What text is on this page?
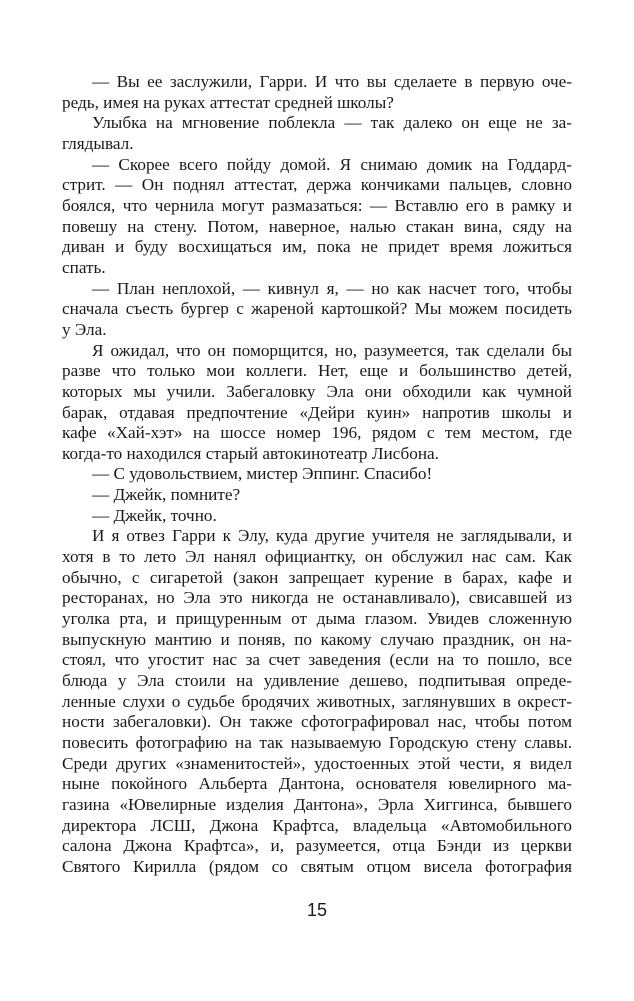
— Вы ее заслужили, Гарри. И что вы сделаете в первую оче-
редь, имея на руках аттестат средней школы?
Улыбка на мгновение поблекла — так далеко он еще не за-
глядывал.
— Скорее всего пойду домой. Я снимаю домик на Годдард-
стрит. — Он поднял аттестат, держа кончиками пальцев, словно
боялся, что чернила могут размазаться: — Вставлю его в рамку и
повешу на стену. Потом, наверное, налью стакан вина, сяду на
диван и буду восхищаться им, пока не придет время ложиться
спать.
— План неплохой, — кивнул я, — но как насчет того, чтобы
сначала съесть бургер с жареной картошкой? Мы можем посидеть
у Эла.
Я ожидал, что он поморщится, но, разумеется, так сделали бы
разве что только мои коллеги. Нет, еще и большинство детей,
которых мы учили. Забегаловку Эла они обходили как чумной
барак, отдавая предпочтение «Дейри куин» напротив школы и
кафе «Хай-хэт» на шоссе номер 196, рядом с тем местом, где
когда-то находился старый автокинотеатр Лисбона.
— С удовольствием, мистер Эппинг. Спасибо!
— Джейк, помните?
— Джейк, точно.
И я отвез Гарри к Элу, куда другие учителя не заглядывали, и
хотя в то лето Эл нанял официантку, он обслужил нас сам. Как
обычно, с сигаретой (закон запрещает курение в барах, кафе и
ресторанах, но Эла это никогда не останавливало), свисавшей из
уголка рта, и прищуренным от дыма глазом. Увидев сложенную
выпускную мантию и поняв, по какому случаю праздник, он на-
стоял, что угостит нас за счет заведения (если на то пошло, все
блюда у Эла стоили на удивление дешево, подпитывая опреде-
ленные слухи о судьбе бродячих животных, заглянувших в окрест-
ности забегаловки). Он также сфотографировал нас, чтобы потом
повесить фотографию на так называемую Городскую стену славы.
Среди других «знаменитостей», удостоенных этой чести, я видел
ныне покойного Альберта Дантона, основателя ювелирного ма-
газина «Ювелирные изделия Дантона», Эрла Хиггинса, бывшего
директора ЛСШ, Джона Крафтса, владельца «Автомобильного
салона Джона Крафтса», и, разумеется, отца Бэнди из церкви
Святого Кирилла (рядом со святым отцом висела фотография
15
